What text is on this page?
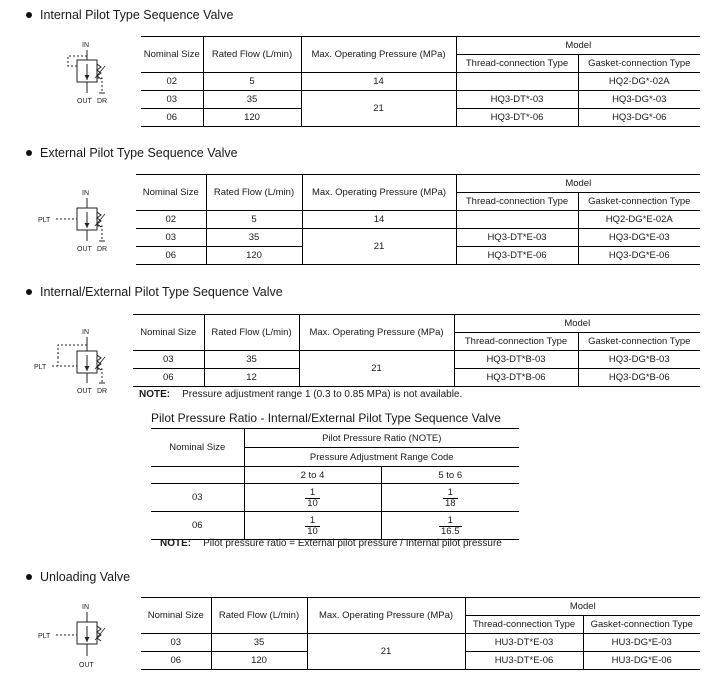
Internal Pilot Type Sequence Valve
IN
OUT DR
Nominal Size	Rated Flow (L/min)	Max. Operating Pressure (MPa)	Model	
			Thread-connection Type	Gasket-connection Type
02	5	14		HQ2-DG*-02A
03	35	21	HQ3-DT*-03	HQ3-DG*-03
06	120		HQ3-DT*-06	HQ3-DG*-06
External Pilot Type Sequence Valve
IN
PLT
OUT DR
Nominal Size	Rated Flow (L/min)	Max. Operating Pressure (MPa)	Model	
			Thread-connection Type	Gasket-connection Type
02	5	14		HQ2-DG*E-02A
03	35	21	HQ3-DT*E-03	HQ3-DG*E-03
06	120		HQ3-DT*E-06	HQ3-DG*E-06
Internal/External Pilot Type Sequence Valve
IN
PLT
OUT DR
Nominal Size	Rated Flow (L/min)	Max. Operating Pressure (MPa)	Model	
			Thread-connection Type	Gasket-connection Type
03	35	21	HQ3-DT*B-03	HQ3-DG*B-03
06	12		HQ3-DT*B-06	HQ3-DG*B-06
NOTE: Pressure adjustment range 1 (0.3 to 0.85 MPa) is not available.
Pilot Pressure Ratio - Internal/External Pilot Type Sequence Valve
Nominal Size	Pilot Pressure Ratio (NOTE)	
	Pressure Adjustment Range Code	
	2 to 4	5 to 6
03	$\frac{1}{10}$	$\frac{1}{18}$

06	$\frac{1}{10}$	$\frac{1}{16.5}$
NOTE: Pilot pressure ratio = External pilot pressure / Internal pilot pressure
Unloading Valve
IN
PLT
OUT
Nominal Size	Rated Flow (L/min)	Max. Operating Pressure (MPa)	Model	
			Thread-connection Type	Gasket-connection Type
03	35	21	HU3-DT*E-03	HU3-DG*E-03
06	120		HU3-DT*E-06	HU3-DG*E-06
